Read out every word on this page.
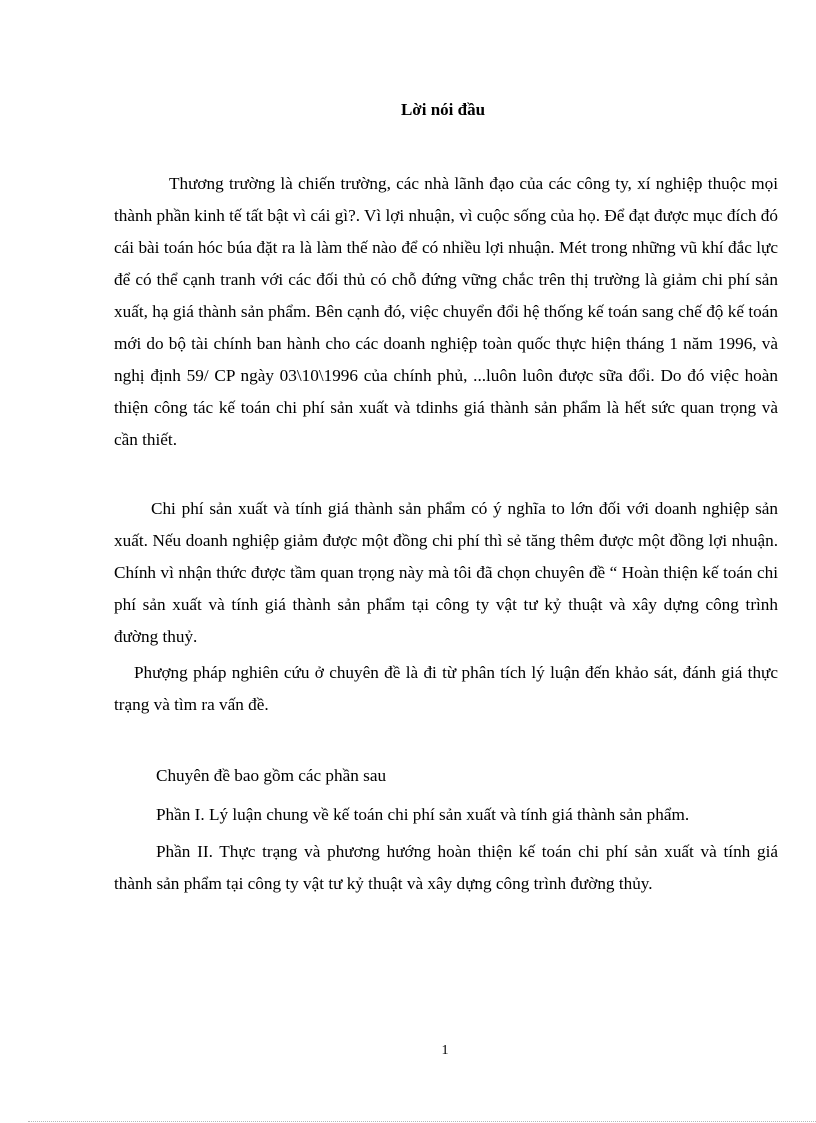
Lời nói đầu

Thương trường là chiến trường, các nhà lãnh đạo của các công ty, xí nghiệp thuộc mọi thành phần kinh tế tất bật vì cái gì?. Vì lợi nhuận, vì cuộc sống của họ. Để đạt được mục đích đó cái bài toán hóc búa đặt ra là làm thế nào để có nhiều lợi nhuận. Mét trong những vũ khí đắc lực để có thể cạnh tranh với các đối thủ có chỗ đứng vững chắc trên thị trường là giảm chi phí sản xuất, hạ giá thành sản phẩm. Bên cạnh đó, việc chuyển đổi hệ thống kế toán sang chế độ kế toán mới do bộ tài chính ban hành cho các doanh nghiệp toàn quốc thực hiện tháng 1 năm 1996, và nghị định 59/ CP ngày 03\10\1996 của chính phủ, ...luôn luôn được sữa đổi. Do đó việc hoàn thiện công tác kế toán chi phí sản xuất và tdinhs giá thành sản phẩm là hết sức quan trọng và cần thiết.

Chi phí sản xuất và tính giá thành sản phẩm có ý nghĩa to lớn đối với doanh nghiệp sản xuất. Nếu doanh nghiệp giảm được một đồng chi phí thì sẻ tăng thêm được một đồng lợi nhuận. Chính vì nhận thức được tầm quan trọng này mà tôi đã chọn chuyên đề “ Hoàn thiện kế toán chi phí sản xuất và tính giá thành sản phẩm tại công ty vật tư kỷ thuật và xây dựng công trình đường thuỷ.

Phượng pháp nghiên cứu ở chuyên đề là đi từ phân tích lý luận đến khảo sát, đánh giá thực trạng và tìm ra vấn đề.

Chuyên đề bao gồm các phần sau

Phần I. Lý luận chung về kế toán chi phí sản xuất và tính giá thành sản phẩm.

Phần II. Thực trạng và phương hướng hoàn thiện kế toán chi phí sản xuất và tính giá thành sản phẩm tại công ty vật tư kỷ thuật và xây dựng công trình đường thủy.

1
